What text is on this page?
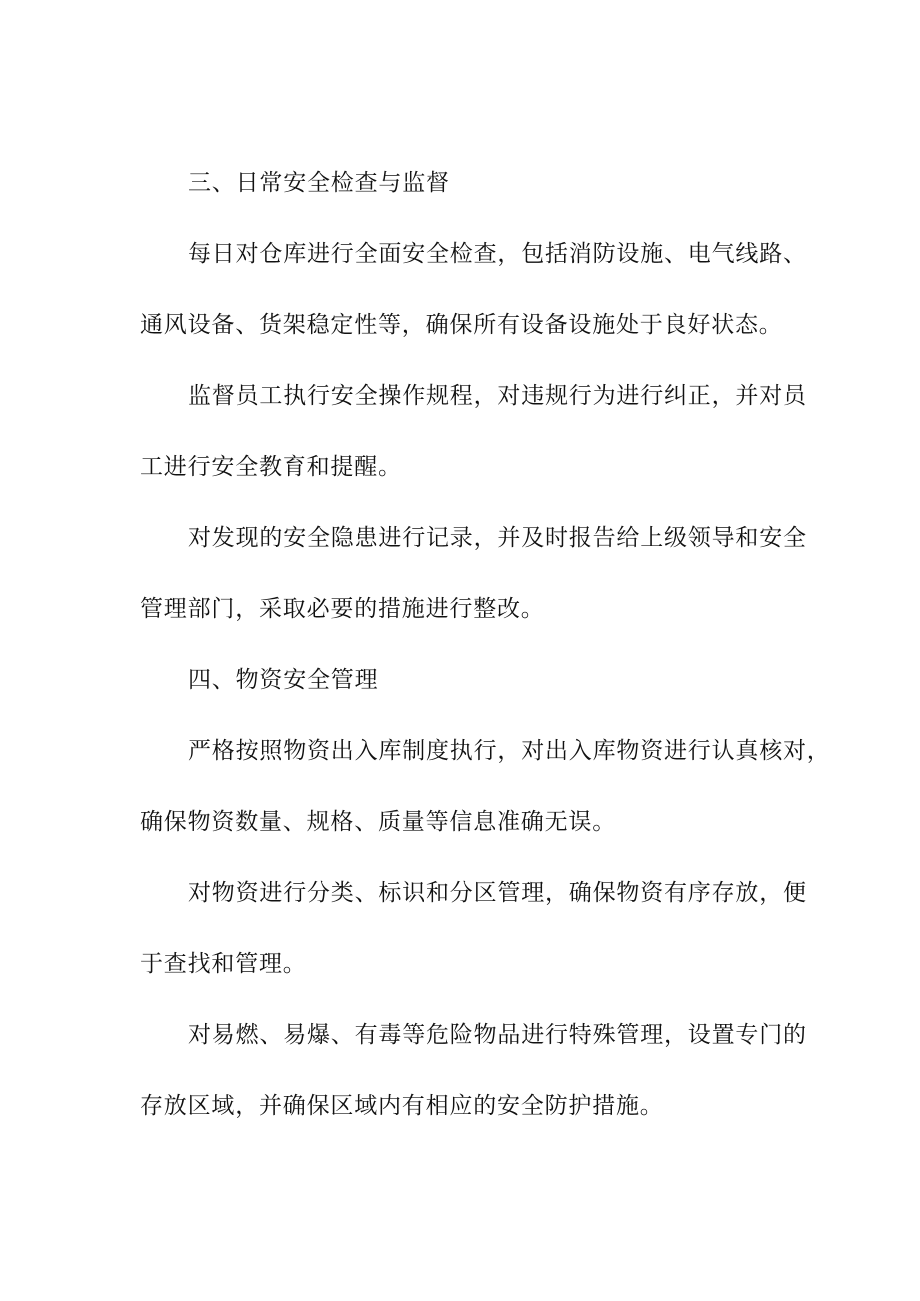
三、日常安全检查与监督
每日对仓库进行全面安全检查，包括消防设施、电气线路、
通风设备、货架稳定性等，确保所有设备设施处于良好状态。
监督员工执行安全操作规程，对违规行为进行纠正，并对员
工进行安全教育和提醒。
对发现的安全隐患进行记录，并及时报告给上级领导和安全
管理部门，采取必要的措施进行整改。
四、物资安全管理
严格按照物资出入库制度执行，对出入库物资进行认真核对，
确保物资数量、规格、质量等信息准确无误。
对物资进行分类、标识和分区管理，确保物资有序存放，便
于查找和管理。
对易燃、易爆、有毒等危险物品进行特殊管理，设置专门的
存放区域，并确保区域内有相应的安全防护措施。
